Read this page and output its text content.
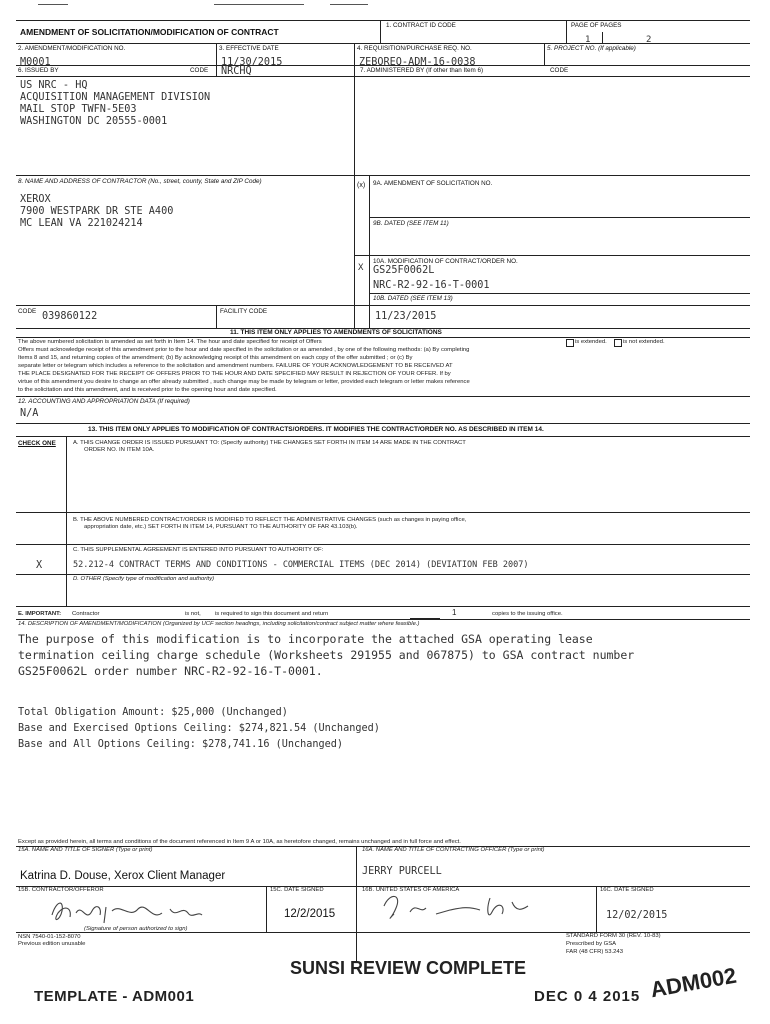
AMENDMENT OF SOLICITATION/MODIFICATION OF CONTRACT
1. CONTRACT ID CODE	PAGE OF PAGES
1	2
2. AMENDMENT/MODIFICATION NO.
M0001
3. EFFECTIVE DATE
11/30/2015
4. REQUISITION/PURCHASE REQ. NO.
ZEBOREQ-ADM-16-0038
5. PROJECT NO. (If applicable)
6. ISSUED BY	CODE NRCHQ	7. ADMINISTERED BY (If other than Item 6)	CODE
US NRC - HQ
ACQUISITION MANAGEMENT DIVISION
MAIL STOP TWFN-5E03
WASHINGTON DC 20555-0001
8. NAME AND ADDRESS OF CONTRACTOR (No., street, county, State and ZIP Code)
XEROX
7900 WESTPARK DR STE A400
MC LEAN VA 221024214
(x) 9A. AMENDMENT OF SOLICITATION NO.
9B. DATED (SEE ITEM 11)
X
10A. MODIFICATION OF CONTRACT/ORDER NO.
GS25F0062L
NRC-R2-92-16-T-0001
10B. DATED (SEE ITEM 13)
CODE 039860122	FACILITY CODE	11/23/2015
11. THIS ITEM ONLY APPLIES TO AMENDMENTS OF SOLICITATIONS
The above numbered solicitation is amended as set forth in Item 14. The hour and date specified for receipt of Offers	is extended.	is not extended.
Offers must acknowledge receipt of this amendment prior to the hour and date specified in the solicitation or as amended , by one of the following methods: (a) By completing
Items 8 and 15, and returning copies of the amendment; (b) By acknowledging receipt of this amendment on each copy of the offer submitted ; or (c) By
separate letter or telegram which includes a reference to the solicitation and amendment numbers. FAILURE OF YOUR ACKNOWLEDGEMENT TO BE RECEIVED AT
THE PLACE DESIGNATED FOR THE RECEIPT OF OFFERS PRIOR TO THE HOUR AND DATE SPECIFIED MAY RESULT IN REJECTION OF YOUR OFFER. If by
virtue of this amendment you desire to change an offer already submitted , such change may be made by telegram or letter, provided each telegram or letter makes reference
to the solicitation and this amendment, and is received prior to the opening hour and date specified.
12. ACCOUNTING AND APPROPRIATION DATA (If required)
N/A
13. THIS ITEM ONLY APPLIES TO MODIFICATION OF CONTRACTS/ORDERS. IT MODIFIES THE CONTRACT/ORDER NO. AS DESCRIBED IN ITEM 14.
CHECK ONE	A. THIS CHANGE ORDER IS ISSUED PURSUANT TO: (Specify authority) THE CHANGES SET FORTH IN ITEM 14 ARE MADE IN THE CONTRACT
ORDER NO. IN ITEM 10A.
B. THE ABOVE NUMBERED CONTRACT/ORDER IS MODIFIED TO REFLECT THE ADMINISTRATIVE CHANGES (such as changes in paying office,
appropriation date, etc.) SET FORTH IN ITEM 14, PURSUANT TO THE AUTHORITY OF FAR 43.103(b).
C. THIS SUPPLEMENTAL AGREEMENT IS ENTERED INTO PURSUANT TO AUTHORITY OF:
X	52.212-4 CONTRACT TERMS AND CONDITIONS - COMMERCIAL ITEMS (DEC 2014) (DEVIATION FEB 2007)
D. OTHER (Specify type of modification and authority)
E. IMPORTANT: Contractor	is not, is required to sign this document and return	1	copies to the issuing office.
14. DESCRIPTION OF AMENDMENT/MODIFICATION (Organized by UCF section headings, including solicitation/contract subject matter where feasible.)
The purpose of this modification is to incorporate the attached GSA operating lease
termination ceiling charge schedule (Worksheets 291955 and 067875) to GSA contract number
GS25F0062L order number NRC-R2-92-16-T-0001.
Total Obligation Amount: $25,000 (Unchanged)
Base and Exercised Options Ceiling: $274,821.54 (Unchanged)
Base and All Options Ceiling: $278,741.16 (Unchanged)
Except as provided herein, all terms and conditions of the document referenced in Item 9 A or 10A, as heretofore changed, remains unchanged and in full force and effect.
15A. NAME AND TITLE OF SIGNER (Type or print)
Katrina D. Douse, Xerox Client Manager
16A. NAME AND TITLE OF CONTRACTING OFFICER (Type or print)
JERRY PURCELL
15B. CONTRACTOR/OFFEROR
(Signature of person authorized to sign)
15C. DATE SIGNED
12/2/2015
16B. UNITED STATES OF AMERICA	16C. DATE SIGNED
12/02/2015
NSN 7540-01-152-8070
Previous edition unusable
STANDARD FORM 30 (REV. 10-83)
Prescribed by GSA
FAR (48 CFR) 53.243
SUNSI REVIEW COMPLETE
DEC 0 4 2015
TEMPLATE - ADM001	ADM002
